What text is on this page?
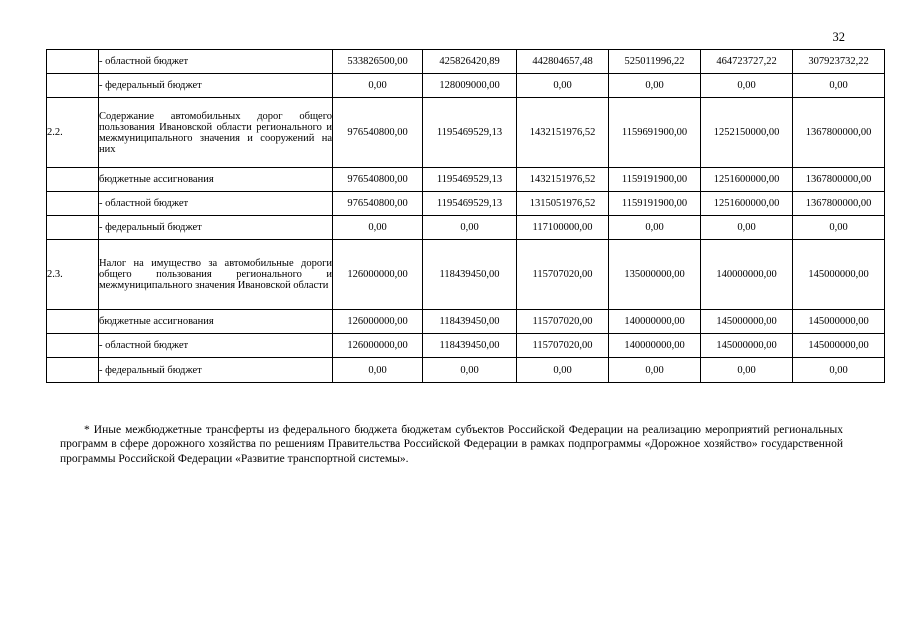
32
	- областной бюджет	533826500,00	425826420,89	442804657,48	525011996,22	464723727,22	307923732,22
	- федеральный бюджет	0,00	128009000,00	0,00	0,00	0,00	0,00
2.2.	Содержание автомобильных дорог общего пользования Ивановской области регионального и межмуниципального значения и сооружений на них	976540800,00	1195469529,13	1432151976,52	1159691900,00	1252150000,00	1367800000,00
	бюджетные ассигнования	976540800,00	1195469529,13	1432151976,52	1159191900,00	1251600000,00	1367800000,00
	- областной бюджет	976540800,00	1195469529,13	1315051976,52	1159191900,00	1251600000,00	1367800000,00
	- федеральный бюджет	0,00	0,00	117100000,00	0,00	0,00	0,00
2.3.	Налог на имущество за автомобильные дороги общего пользования регионального и межмуниципального значения Ивановской области	126000000,00	118439450,00	115707020,00	135000000,00	140000000,00	145000000,00
	бюджетные ассигнования	126000000,00	118439450,00	115707020,00	140000000,00	145000000,00	145000000,00
	- областной бюджет	126000000,00	118439450,00	115707020,00	140000000,00	145000000,00	145000000,00
	- федеральный бюджет	0,00	0,00	0,00	0,00	0,00	0,00

* Иные межбюджетные трансферты из федерального бюджета бюджетам субъектов Российской Федерации на реализацию мероприятий региональных программ в сфере дорожного хозяйства по решениям Правительства Российской Федерации в рамках подпрограммы «Дорожное хозяйство» государственной программы Российской Федерации «Развитие транспортной системы».
